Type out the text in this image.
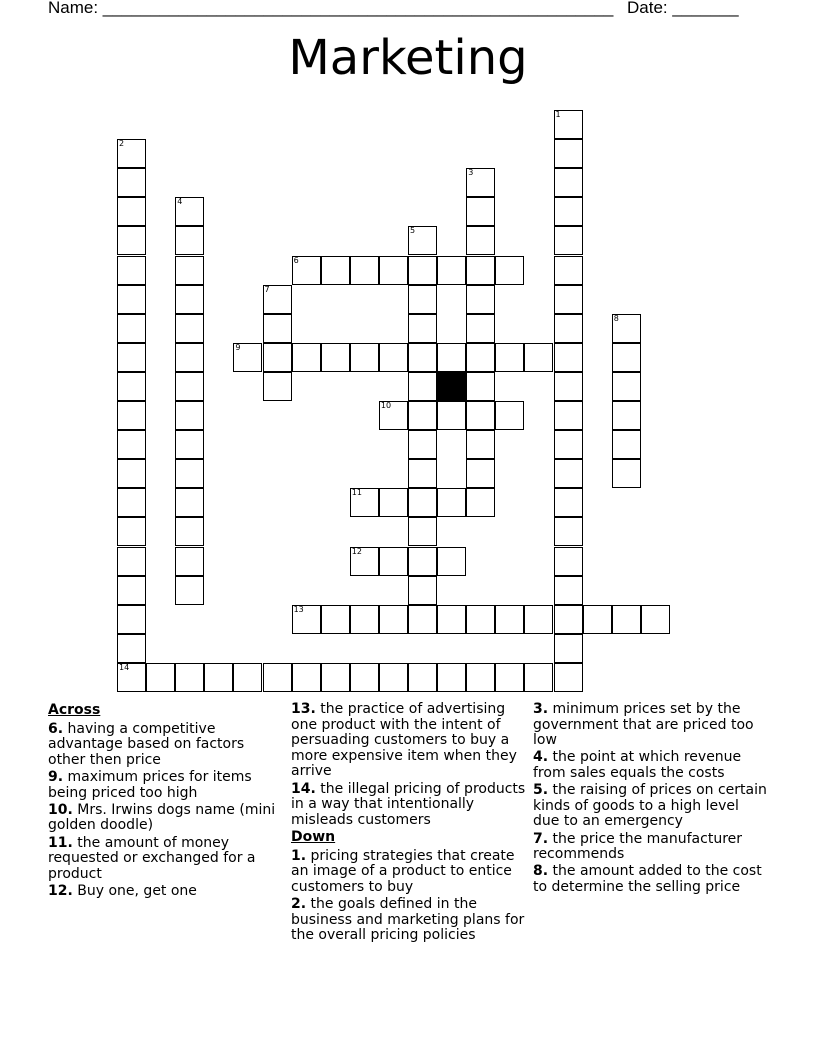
Name: ______________________________________________________ Date: _______
Marketing
6
9
10
11
12
13
14
1
2
3
4
5
7
8
Across
6. having a competitive advantage based on factors other then price
9. maximum prices for items being priced too high
10. Mrs. Irwins dogs name (mini golden doodle)
11. the amount of money requested or exchanged for a product
12. Buy one, get one
13. the practice of advertising one product with the intent of persuading customers to buy a more expensive item when they arrive
14. the illegal pricing of products in a way that intentionally misleads customers
Down
1. pricing strategies that create an image of a product to entice customers to buy
2. the goals defined in the business and marketing plans for the overall pricing policies
3. minimum prices set by the government that are priced too low
4. the point at which revenue from sales equals the costs
5. the raising of prices on certain kinds of goods to a high level due to an emergency
7. the price the manufacturer recommends
8. the amount added to the cost to determine the selling price
